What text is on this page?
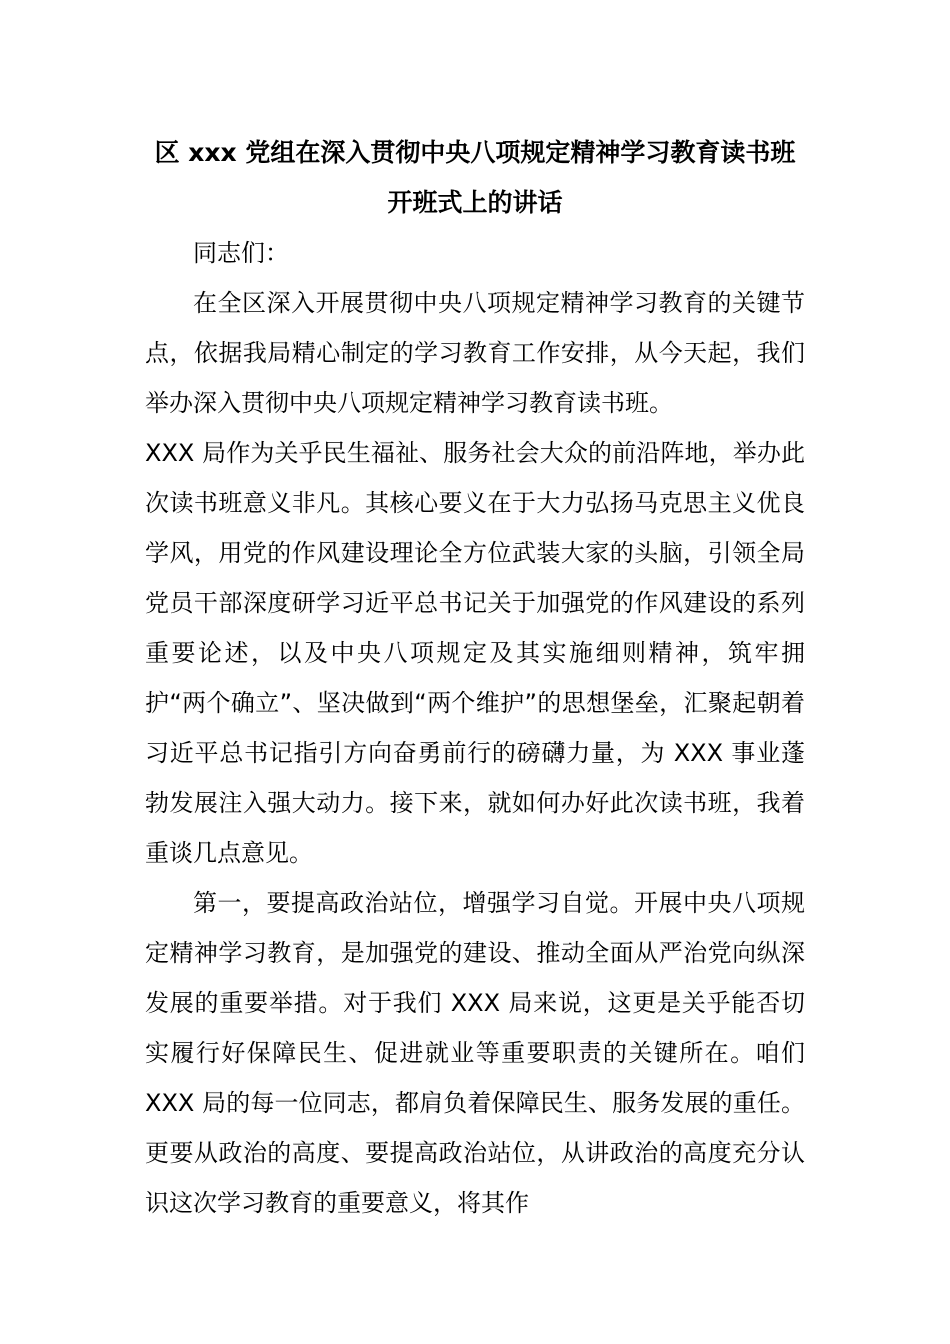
区 xxx 党组在深入贯彻中央八项规定精神学习教育读书班
开班式上的讲话

同志们：

在全区深入开展贯彻中央八项规定精神学习教育的关键节点，依据我局精心制定的学习教育工作安排，从今天起，我们举办深入贯彻中央八项规定精神学习教育读书班。

XXX 局作为关乎民生福祉、服务社会大众的前沿阵地，举办此次读书班意义非凡。其核心要义在于大力弘扬马克思主义优良学风，用党的作风建设理论全方位武装大家的头脑，引领全局党员干部深度研学习近平总书记关于加强党的作风建设的系列重要论述，以及中央八项规定及其实施细则精神，筑牢拥护“两个确立”、坚决做到“两个维护”的思想堡垒，汇聚起朝着习近平总书记指引方向奋勇前行的磅礴力量，为 XXX 事业蓬勃发展注入强大动力。接下来，就如何办好此次读书班，我着重谈几点意见。

第一，要提高政治站位，增强学习自觉。开展中央八项规定精神学习教育，是加强党的建设、推动全面从严治党向纵深发展的重要举措。对于我们 XXX 局来说，这更是关乎能否切实履行好保障民生、促进就业等重要职责的关键所在。咱们 XXX 局的每一位同志，都肩负着保障民生、服务发展的重任。更要从政治的高度、要提高政治站位，从讲政治的高度充分认识这次学习教育的重要意义，将其作
